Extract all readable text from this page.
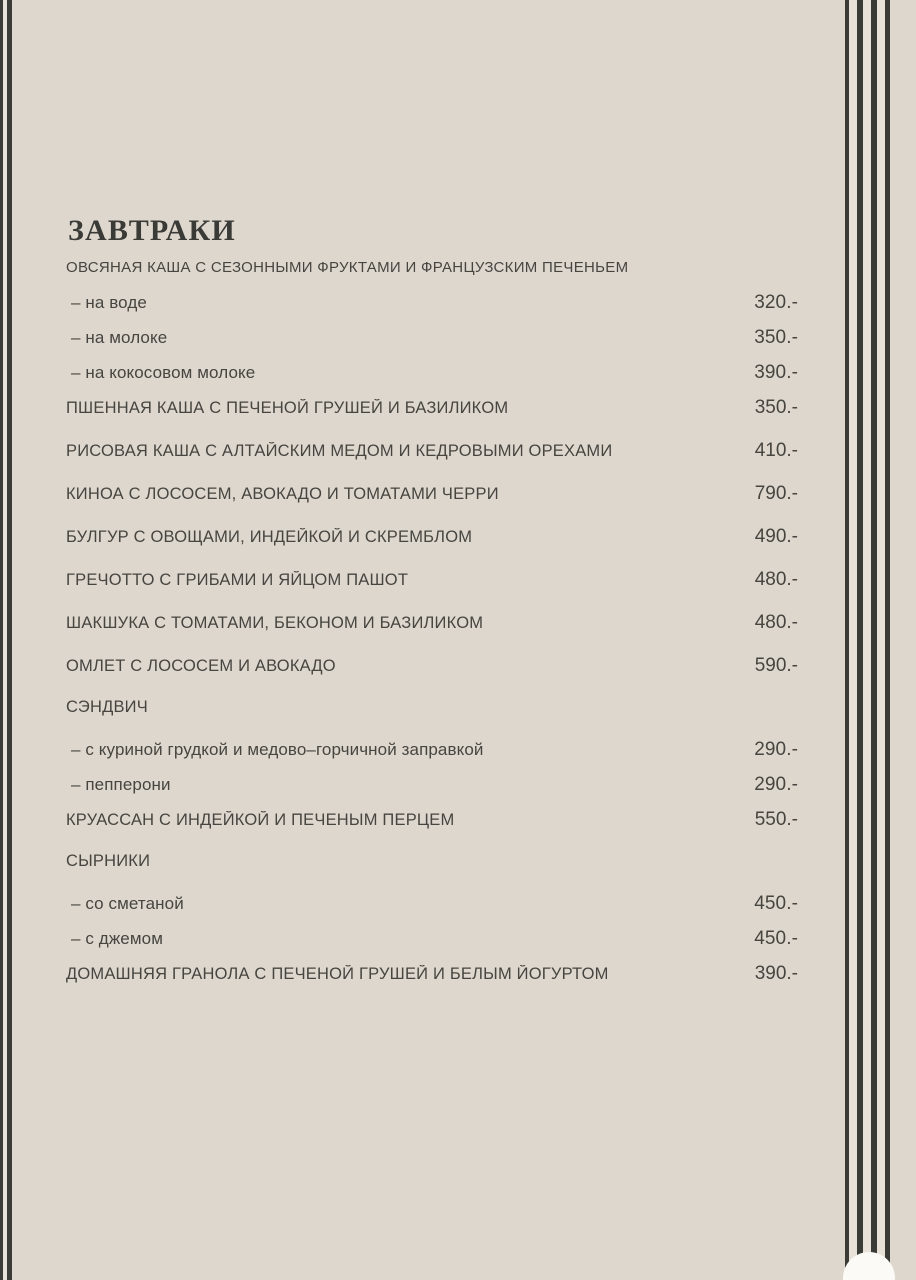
ЗАВТРАКИ
ОВСЯНАЯ КАША С СЕЗОННЫМИ ФРУКТАМИ И ФРАНЦУЗСКИМ ПЕЧЕНЬЕМ
– на воде	320.-
– на молоке	350.-
– на кокосовом молоке	390.-
ПШЕННАЯ КАША С ПЕЧЕНОЙ ГРУШЕЙ И БАЗИЛИКОМ	350.-
РИСОВАЯ КАША С АЛТАЙСКИМ МЕДОМ И КЕДРОВЫМИ ОРЕХАМИ	410.-
КИНОА С ЛОСОСЕМ, АВОКАДО И ТОМАТАМИ ЧЕРРИ	790.-
БУЛГУР С ОВОЩАМИ, ИНДЕЙКОЙ И СКРЕМБЛОМ	490.-
ГРЕЧОТТО С ГРИБАМИ И ЯЙЦОМ ПАШОТ	480.-
ШАКШУКА С ТОМАТАМИ, БЕКОНОМ И БАЗИЛИКОМ	480.-
ОМЛЕТ С ЛОСОСЕМ И АВОКАДО	590.-
СЭНДВИЧ
– с куриной грудкой и медово–горчичной заправкой	290.-
– пепперони	290.-
КРУАССАН С ИНДЕЙКОЙ И ПЕЧЕНЫМ ПЕРЦЕМ	550.-
СЫРНИКИ
– со сметаной	450.-
– с джемом	450.-
ДОМАШНЯЯ ГРАНОЛА С ПЕЧЕНОЙ ГРУШЕЙ И БЕЛЫМ ЙОГУРТОМ	390.-
